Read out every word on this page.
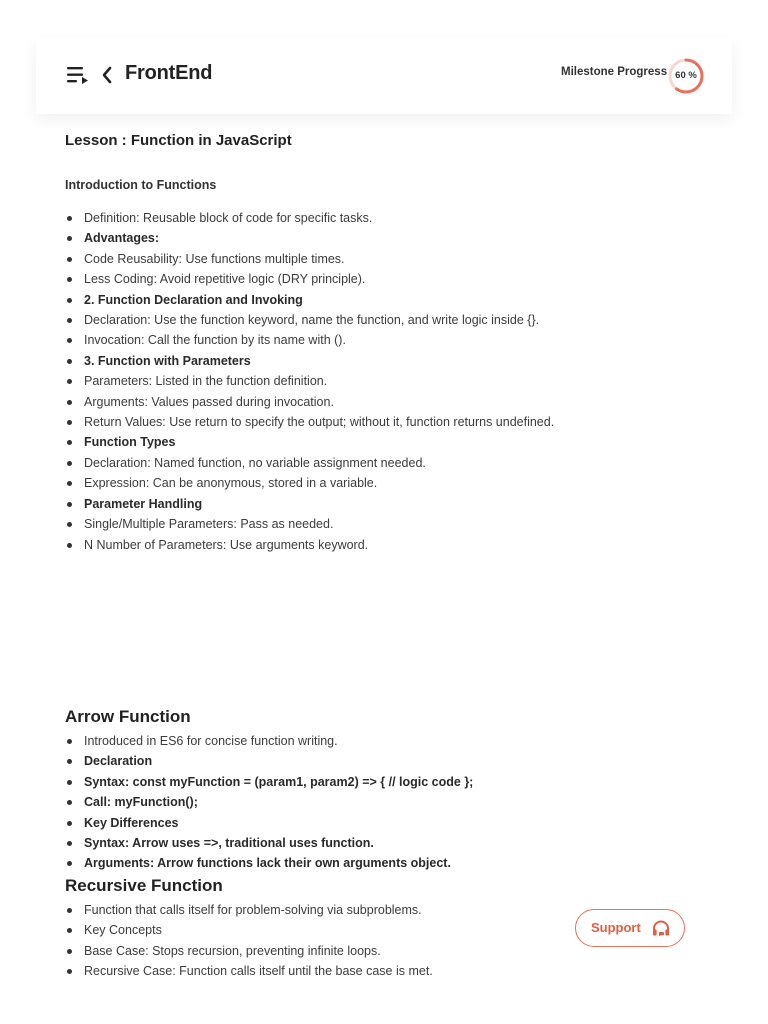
FrontEnd	Milestone Progress 60 %
Lesson : Function in JavaScript
Introduction to Functions
Definition: Reusable block of code for specific tasks.
Advantages:
Code Reusability: Use functions multiple times.
Less Coding: Avoid repetitive logic (DRY principle).
2. Function Declaration and Invoking
Declaration: Use the function keyword, name the function, and write logic inside {}.
Invocation: Call the function by its name with ().
3. Function with Parameters
Parameters: Listed in the function definition.
Arguments: Values passed during invocation.
Return Values: Use return to specify the output; without it, function returns undefined.
Function Types
Declaration: Named function, no variable assignment needed.
Expression: Can be anonymous, stored in a variable.
Parameter Handling
Single/Multiple Parameters: Pass as needed.
N Number of Parameters: Use arguments keyword.
Arrow Function
Introduced in ES6 for concise function writing.
Declaration
Syntax: const myFunction = (param1, param2) => { // logic code };
Call: myFunction();
Key Differences
Syntax: Arrow uses =>, traditional uses function.
Arguments: Arrow functions lack their own arguments object.
Recursive Function
Function that calls itself for problem-solving via subproblems.
Key Concepts
Base Case: Stops recursion, preventing infinite loops.
Recursive Case: Function calls itself until the base case is met.
Support
